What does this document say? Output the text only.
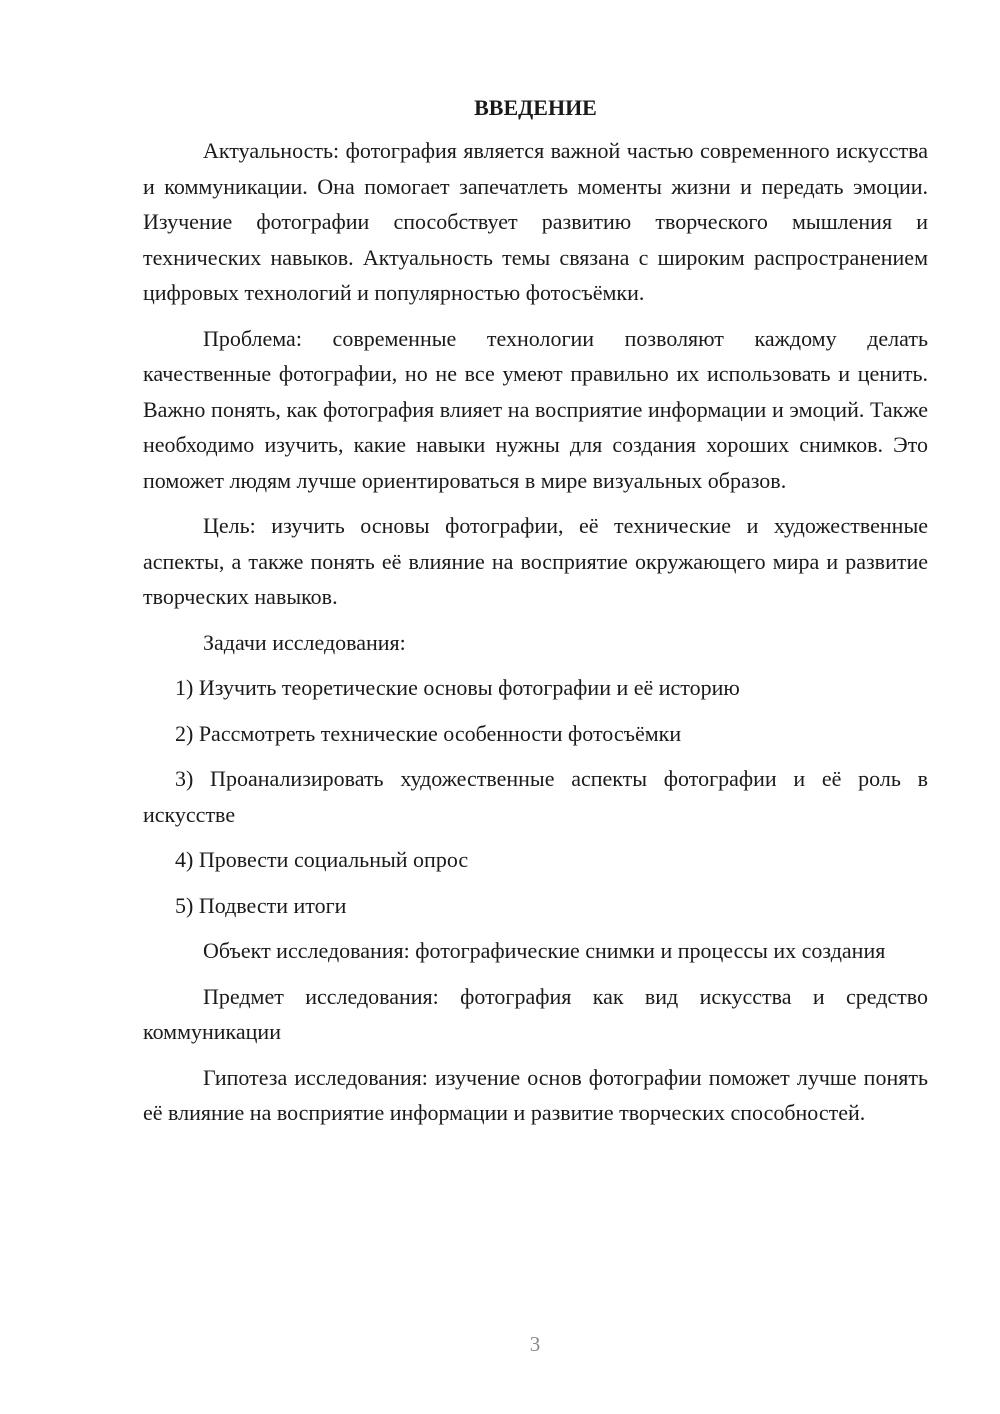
ВВЕДЕНИЕ

Актуальность: фотография является важной частью современного искусства и коммуникации. Она помогает запечатлеть моменты жизни и передать эмоции. Изучение фотографии способствует развитию творческого мышления и технических навыков. Актуальность темы связана с широким распространением цифровых технологий и популярностью фотосъёмки.

Проблема: современные технологии позволяют каждому делать качественные фотографии, но не все умеют правильно их использовать и ценить. Важно понять, как фотография влияет на восприятие информации и эмоций. Также необходимо изучить, какие навыки нужны для создания хороших снимков. Это поможет людям лучше ориентироваться в мире визуальных образов.

Цель: изучить основы фотографии, её технические и художественные аспекты, а также понять её влияние на восприятие окружающего мира и развитие творческих навыков.

Задачи исследования:

1) Изучить теоретические основы фотографии и её историю

2) Рассмотреть технические особенности фотосъёмки

3) Проанализировать художественные аспекты фотографии и её роль в искусстве

4) Провести социальный опрос

5) Подвести итоги

Объект исследования: фотографические снимки и процессы их создания

Предмет исследования: фотография как вид искусства и средство коммуникации

Гипотеза исследования: изучение основ фотографии поможет лучше понять её влияние на восприятие информации и развитие творческих способностей.

3
